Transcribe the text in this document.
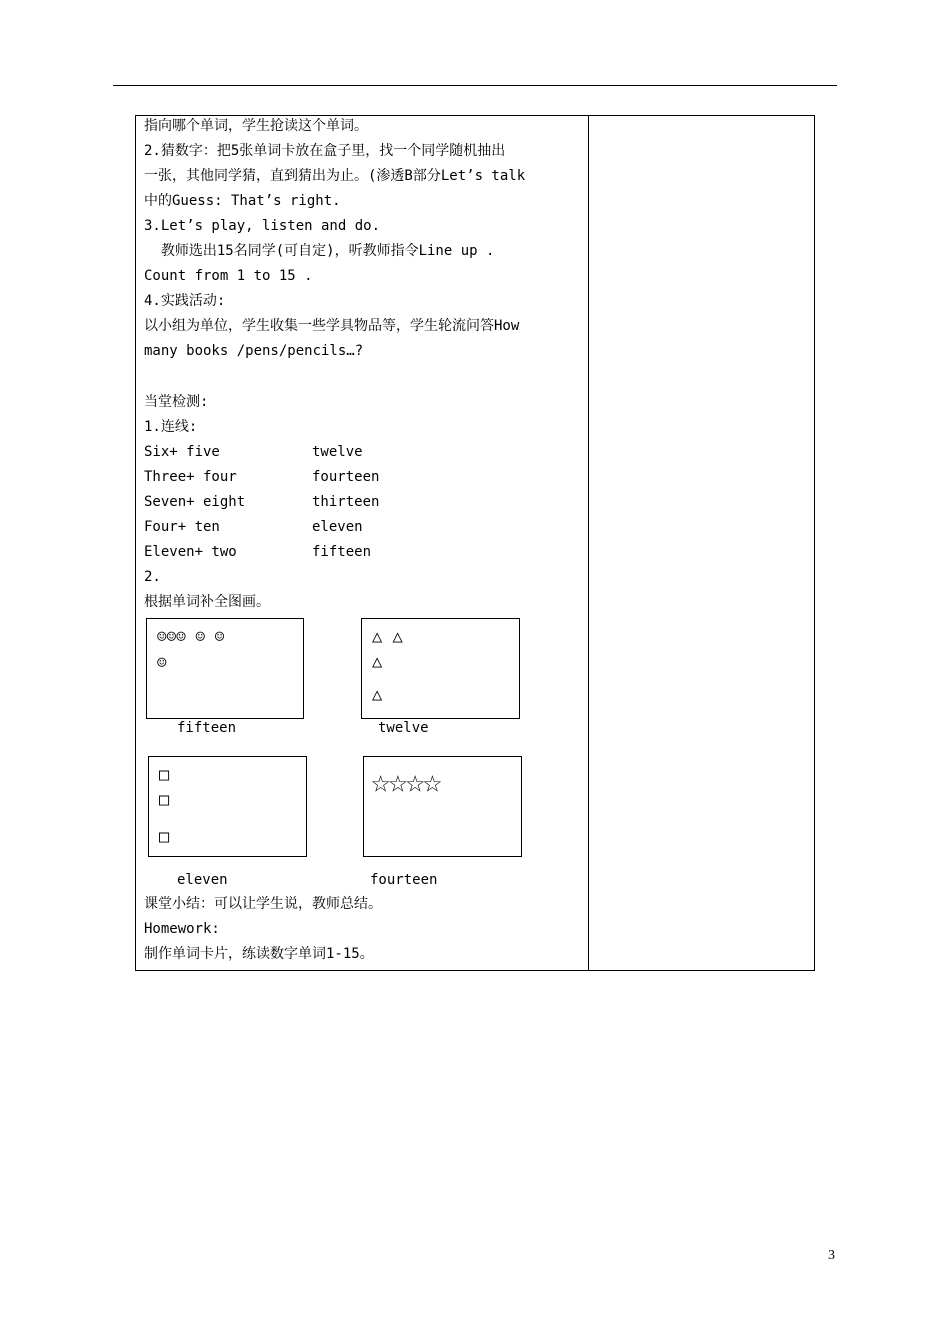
指向哪个单词，学生抢读这个单词。
2.猜数字：把5张单词卡放在盒子里，找一个同学随机抽出
一张，其他同学猜，直到猜出为止。(渗透B部分Let’s talk
中的Guess: That’s right.
3.Let’s play, listen and do.
教师选出15名同学(可自定)，听教师指令Line up .
Count from 1 to 15 .
4.实践活动:
以小组为单位，学生收集一些学具物品等，学生轮流问答How
many books /pens/pencils…?
当堂检测:
1.连线:
Six+ five	twelve
Three+ four	fourteen
Seven+ eight	thirteen
Four+ ten	eleven
Eleven+ two	fifteen
2.
根据单词补全图画。
☺☺☺ ☺ ☺
☺
fifteen
△ △
△
△
twelve
□
□
□
eleven
☆☆☆☆
fourteen
课堂小结：可以让学生说，教师总结。
Homework:
制作单词卡片，练读数字单词1-15。
3
